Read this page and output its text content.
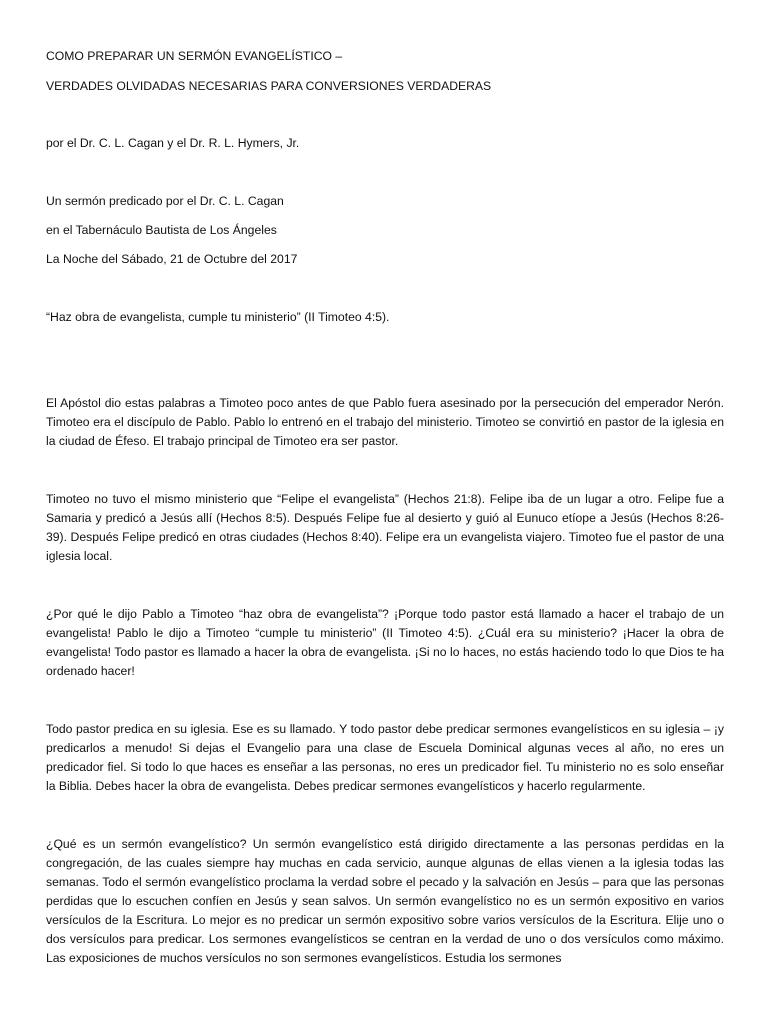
COMO PREPARAR UN SERMÓN EVANGELÍSTICO –

VERDADES OLVIDADAS NECESARIAS PARA CONVERSIONES VERDADERAS

por el Dr. C. L. Cagan y el Dr. R. L. Hymers, Jr.

Un sermón predicado por el Dr. C. L. Cagan

en el Tabernáculo Bautista de Los Ángeles

La Noche del Sábado, 21 de Octubre del 2017

“Haz obra de evangelista, cumple tu ministerio” (II Timoteo 4:5).

El Apóstol dio estas palabras a Timoteo poco antes de que Pablo fuera asesinado por la persecución del emperador Nerón. Timoteo era el discípulo de Pablo. Pablo lo entrenó en el trabajo del ministerio. Timoteo se convirtió en pastor de la iglesia en la ciudad de Éfeso. El trabajo principal de Timoteo era ser pastor.

Timoteo no tuvo el mismo ministerio que “Felipe el evangelista” (Hechos 21:8). Felipe iba de un lugar a otro. Felipe fue a Samaria y predicó a Jesús allí (Hechos 8:5). Después Felipe fue al desierto y guió al Eunuco etíope a Jesús (Hechos 8:26-39). Después Felipe predicó en otras ciudades (Hechos 8:40). Felipe era un evangelista viajero. Timoteo fue el pastor de una iglesia local.

¿Por qué le dijo Pablo a Timoteo “haz obra de evangelista”? ¡Porque todo pastor está llamado a hacer el trabajo de un evangelista! Pablo le dijo a Timoteo “cumple tu ministerio” (II Timoteo 4:5). ¿Cuál era su ministerio? ¡Hacer la obra de evangelista! Todo pastor es llamado a hacer la obra de evangelista. ¡Si no lo haces, no estás haciendo todo lo que Dios te ha ordenado hacer!

Todo pastor predica en su iglesia. Ese es su llamado. Y todo pastor debe predicar sermones evangelísticos en su iglesia – ¡y predicarlos a menudo! Si dejas el Evangelio para una clase de Escuela Dominical algunas veces al año, no eres un predicador fiel. Si todo lo que haces es enseñar a las personas, no eres un predicador fiel. Tu ministerio no es solo enseñar la Biblia. Debes hacer la obra de evangelista. Debes predicar sermones evangelísticos y hacerlo regularmente.

¿Qué es un sermón evangelístico? Un sermón evangelístico está dirigido directamente a las personas perdidas en la congregación, de las cuales siempre hay muchas en cada servicio, aunque algunas de ellas vienen a la iglesia todas las semanas. Todo el sermón evangelístico proclama la verdad sobre el pecado y la salvación en Jesús – para que las personas perdidas que lo escuchen confíen en Jesús y sean salvos. Un sermón evangelístico no es un sermón expositivo en varios versículos de la Escritura. Lo mejor es no predicar un sermón expositivo sobre varios versículos de la Escritura. Elije uno o dos versículos para predicar. Los sermones evangelísticos se centran en la verdad de uno o dos versículos como máximo. Las exposiciones de muchos versículos no son sermones evangelísticos. Estudia los sermones
